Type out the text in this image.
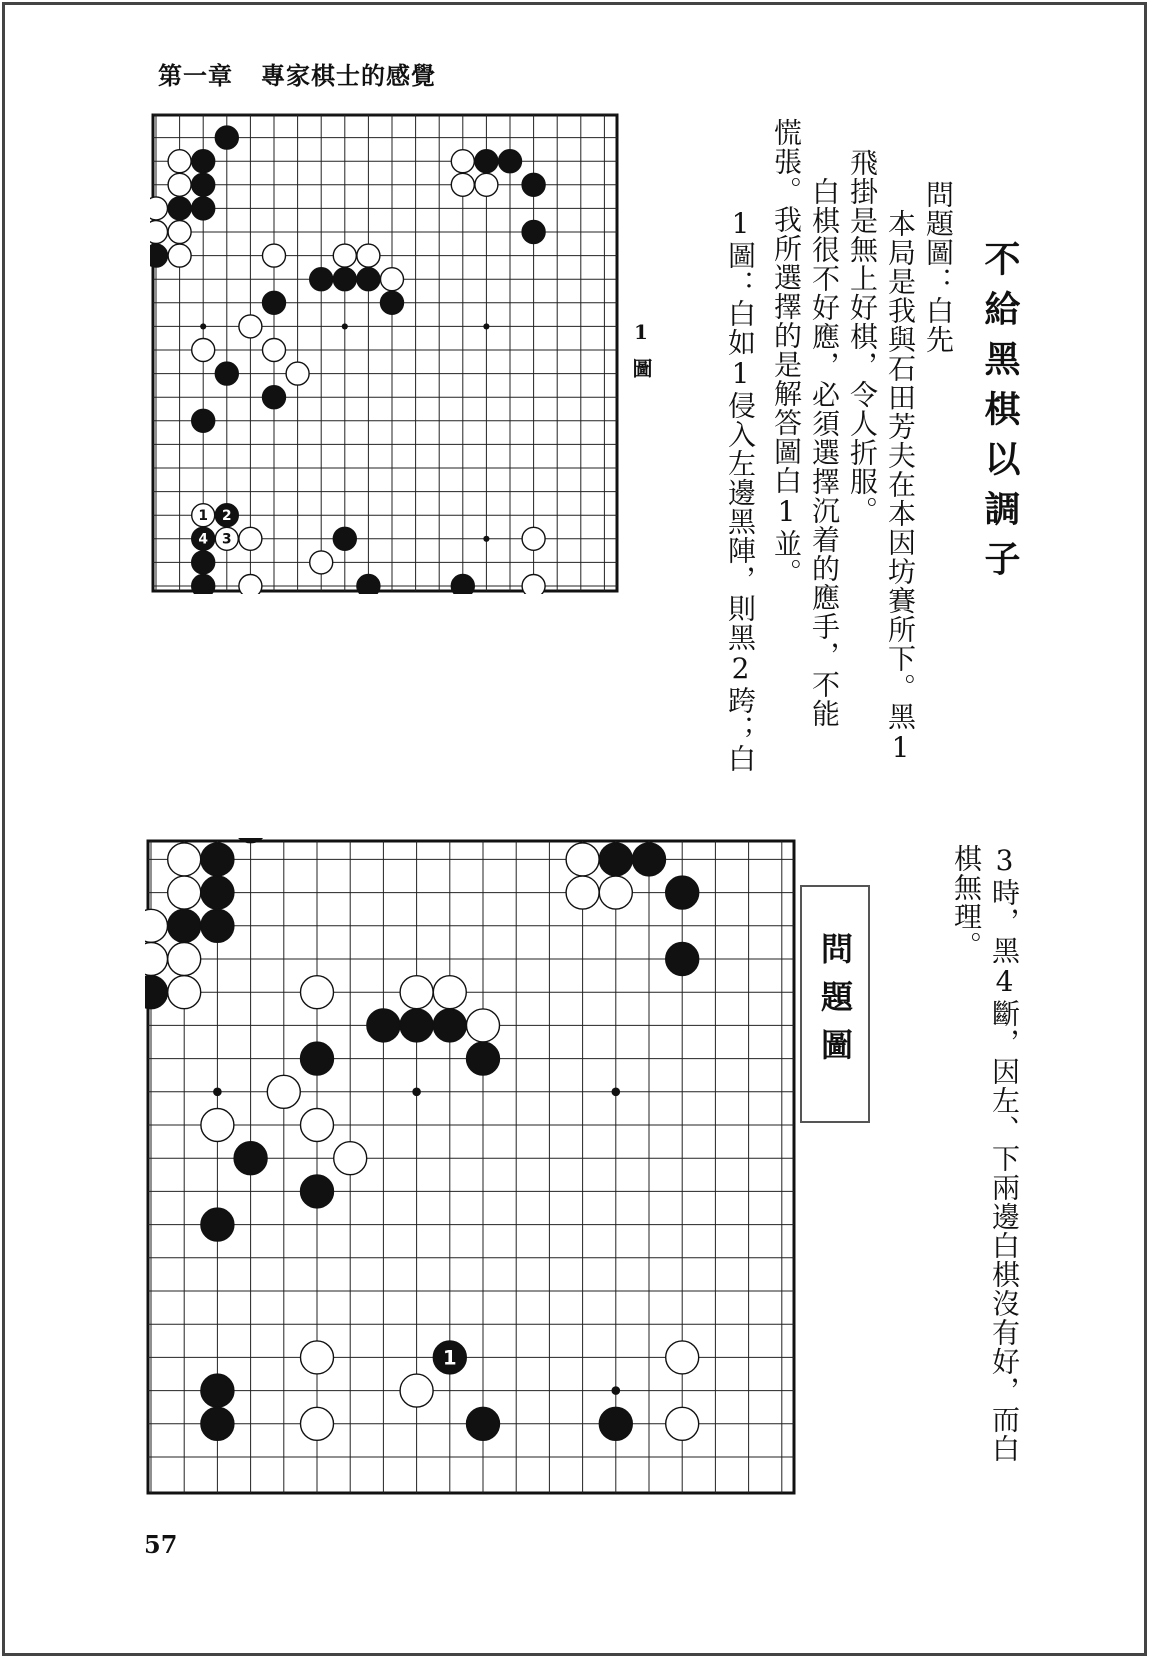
第一章 專家棋士的感覺
1 2
3
4
1圖	不給黑棋以調子
問題圖：白先
　本局是我與石田芳夫在本因坊賽所下。黑1
飛掛是無上好棋，令人折服。
　白棋很不好應，必須選擇沉着的應手，不能
慌張。我所選擇的是解答圖白1並。
　1圖：白如1侵入左邊黑陣，則黑2跨；白
3時，黑4斷，因左、下兩邊白棋沒有好，而白
棋無理。
問題圖
1
57
